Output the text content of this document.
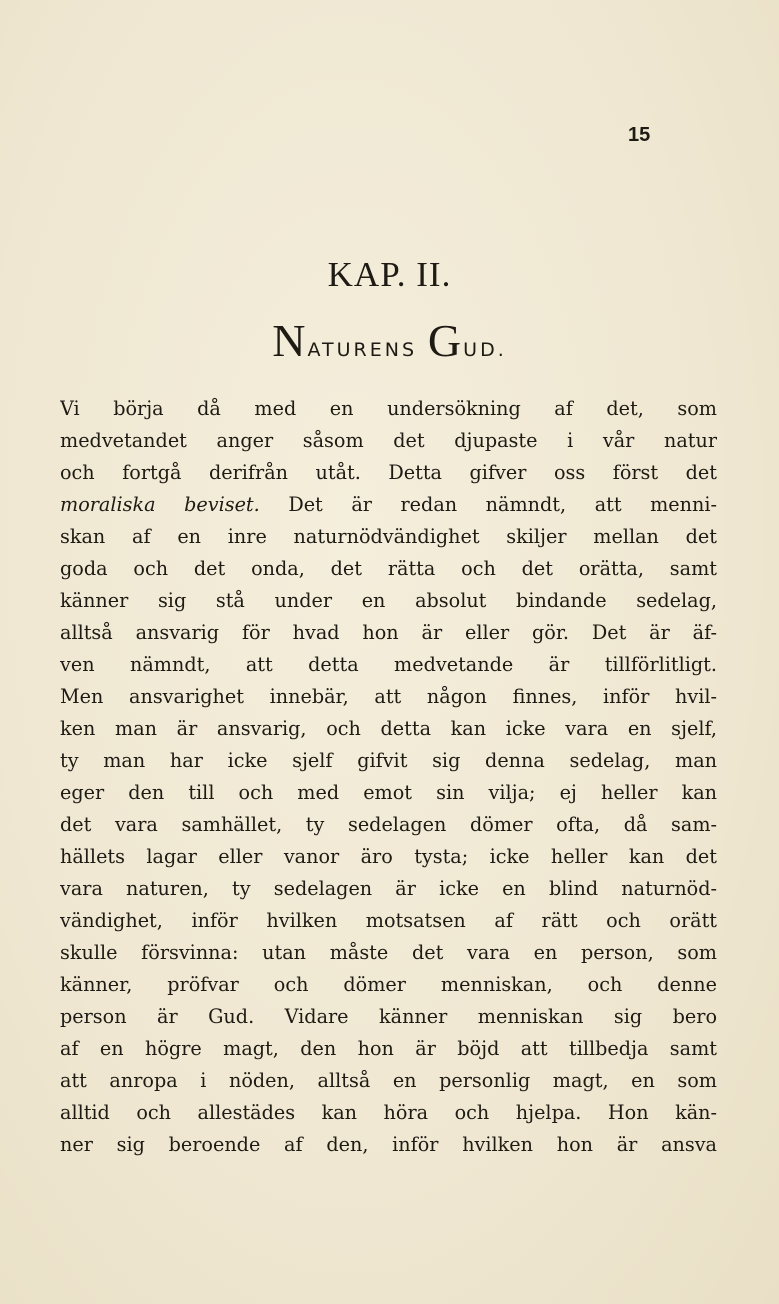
15
KAP. II.
NATURENS GUD.
Vi börja då med en undersökning af det, som
medvetandet anger såsom det djupaste i vår natur
och fortgå derifrån utåt. Detta gifver oss först det
moraliska beviset. Det är redan nämndt, att menni-
skan af en inre naturnödvändighet skiljer mellan det
goda och det onda, det rätta och det orätta, samt
känner sig stå under en absolut bindande sedelag,
alltså ansvarig för hvad hon är eller gör. Det är äf-
ven nämndt, att detta medvetande är tillförlitligt.
Men ansvarighet innebär, att någon finnes, inför hvil-
ken man är ansvarig, och detta kan icke vara en sjelf,
ty man har icke sjelf gifvit sig denna sedelag, man
eger den till och med emot sin vilja; ej heller kan
det vara samhället, ty sedelagen dömer ofta, då sam-
hällets lagar eller vanor äro tysta; icke heller kan det
vara naturen, ty sedelagen är icke en blind naturnöd-
vändighet, inför hvilken motsatsen af rätt och orätt
skulle försvinna: utan måste det vara en person, som
känner, pröfvar och dömer menniskan, och denne
person är Gud. Vidare känner menniskan sig bero
af en högre magt, den hon är böjd att tillbedja samt
att anropa i nöden, alltså en personlig magt, en som
alltid och allestädes kan höra och hjelpa. Hon kän-
ner sig beroende af den, inför hvilken hon är ansva
